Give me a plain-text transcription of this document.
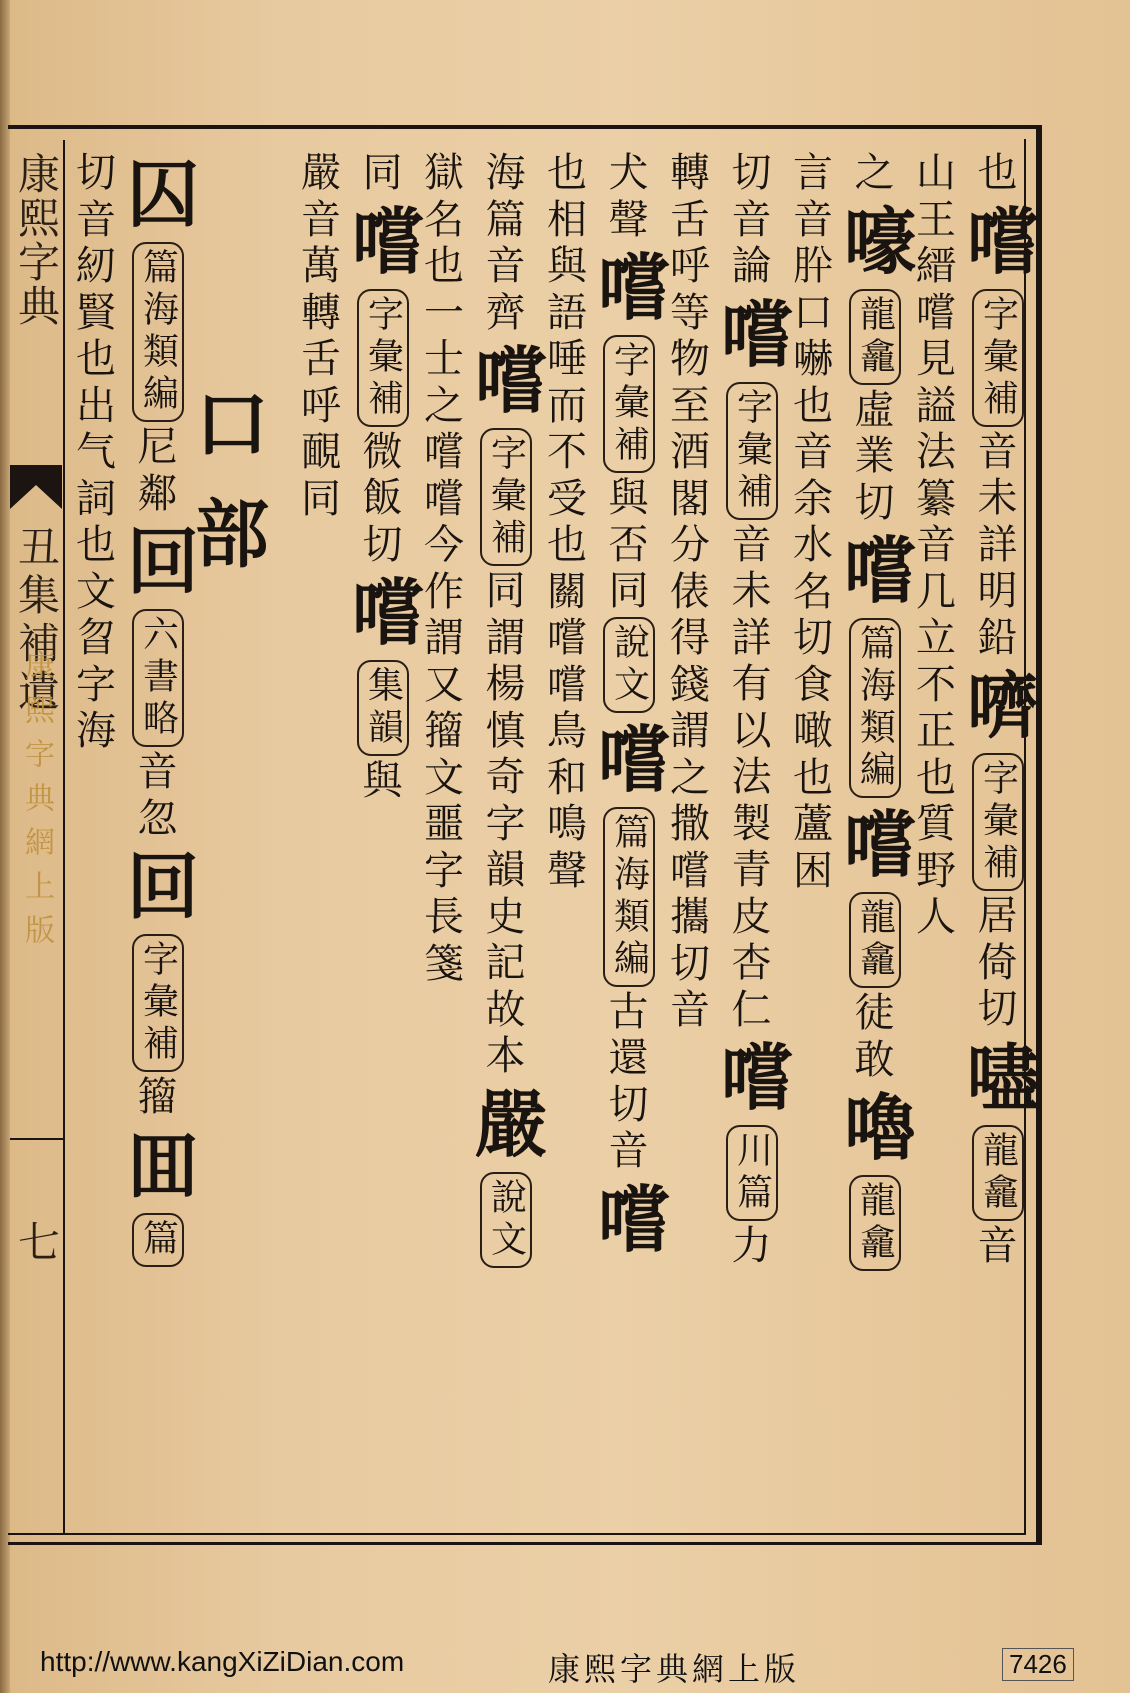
康熙字典
丑集補遺
康熙字典網上版
七
也
嚐
字彙補
音
未
詳
明
鉛
嚌
字彙補
居
倚
切
嚍
龍龕
音
山
王
縉
嚐
見
謚
法
纂
音
几
立
不
正
也
質
野
人
之
嚎
龍龕
虛
業
切
嚐
篇海類編
嚐
龍龕
徒
敢
嚕
龍龕
言
音
肸
口
嚇
也
音
余
水
名
切
食
噉
也
蘆
困
切
音
論
嚐
字彙補
音
未
詳
有
以
法
製
青
皮
杏
仁
嚐
川篇
力
轉
舌
呼
等
物
至
酒
閣
分
俵
得
錢
謂
之
撒
嚐
攜
切
音
犬
聲
嚐
字彙補
與
否
同
說文
嚐
篇海類編
古
還
切
音
嚐
也
相
與
語
唾
而
不
受
也
關
嚐
嚐
鳥
和
鳴
聲
海
篇
音
齊
嚐
字彙補
同
謂
楊
慎
奇
字
韻
史
記
故
本
嚴
說文
獄
名
也
一
士
之
嚐
嚐
今
作
謂
又
籀
文
噩
字
長
箋
同
嚐
字彙補
微
飯
切
嚐
集韻
與
嚴
音
萬
轉
舌
呼
靦
同
囚
篇海類編
尼
鄰
回
六書略
音
忽
回
字彙補
籀
囬
篇
切
音
紉
賢
也
出
气
詞
也
文
曶
字
海
口
部
http://www.kangXiZiDian.com	康熙字典網上版	7426
